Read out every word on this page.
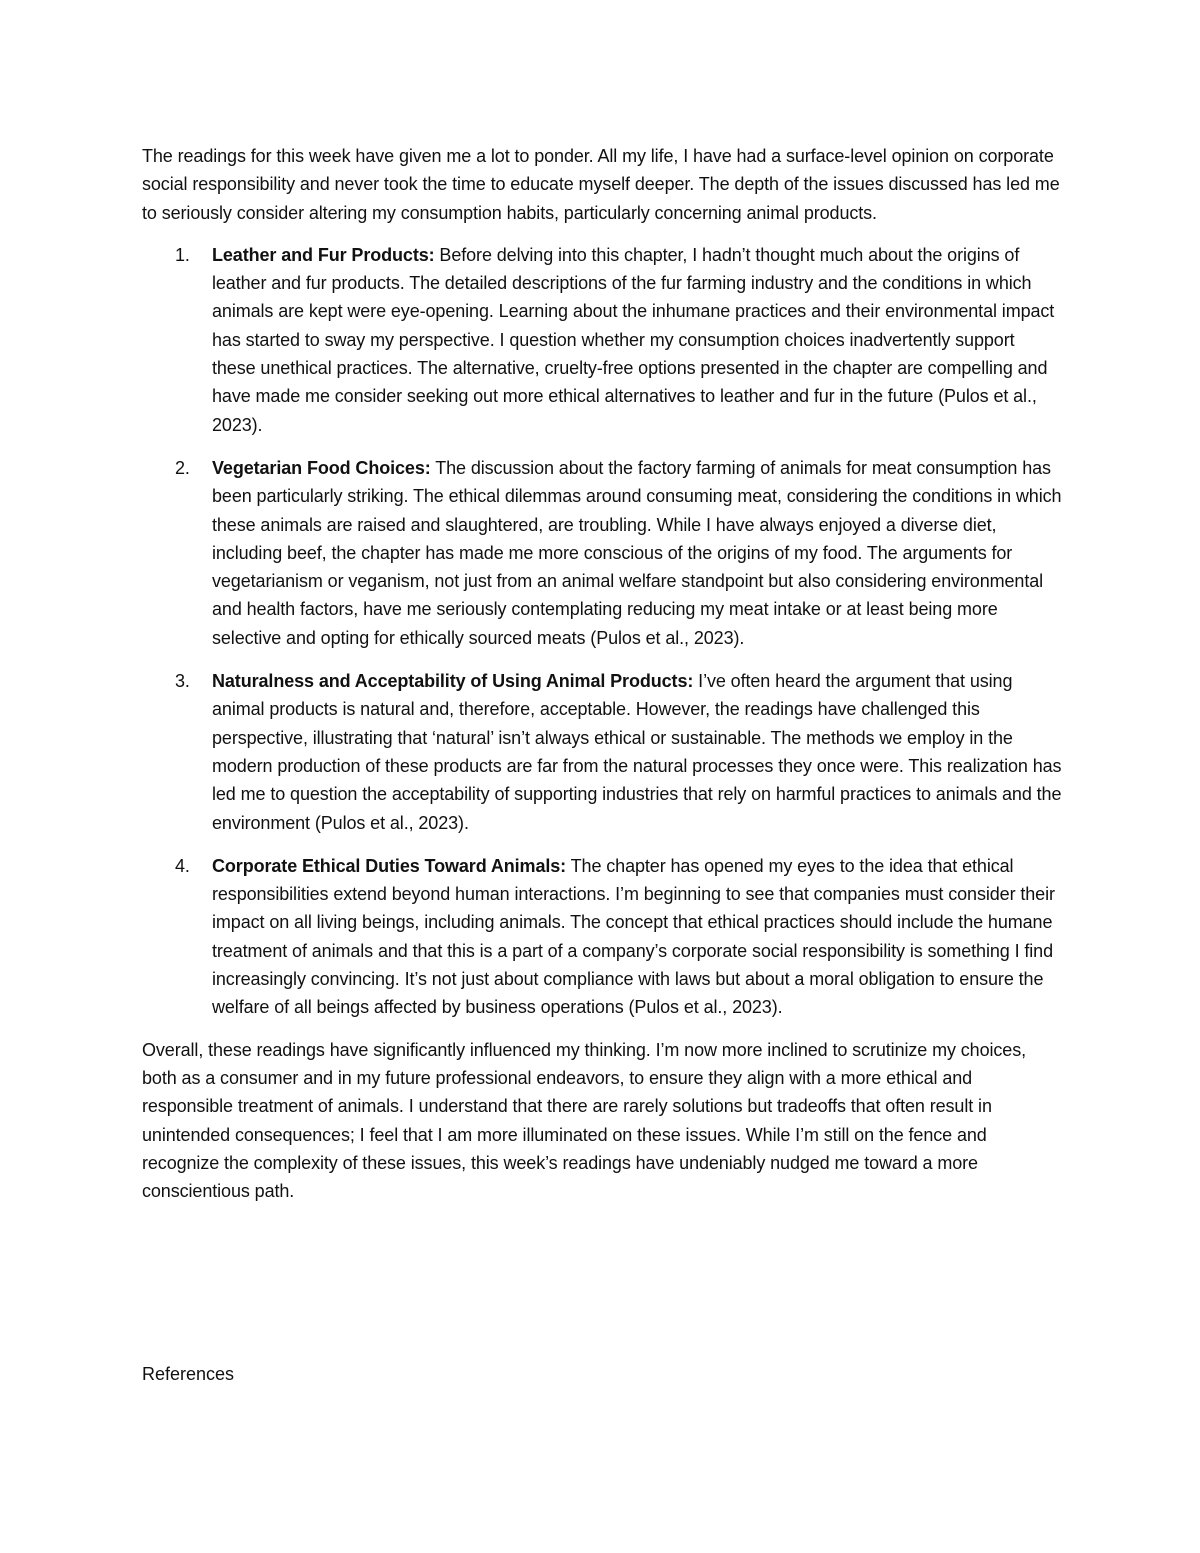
The readings for this week have given me a lot to ponder. All my life, I have had a surface-level opinion on corporate social responsibility and never took the time to educate myself deeper. The depth of the issues discussed has led me to seriously consider altering my consumption habits, particularly concerning animal products.

1. Leather and Fur Products: Before delving into this chapter, I hadn’t thought much about the origins of leather and fur products. The detailed descriptions of the fur farming industry and the conditions in which animals are kept were eye-opening. Learning about the inhumane practices and their environmental impact has started to sway my perspective. I question whether my consumption choices inadvertently support these unethical practices. The alternative, cruelty-free options presented in the chapter are compelling and have made me consider seeking out more ethical alternatives to leather and fur in the future (Pulos et al., 2023).
2. Vegetarian Food Choices: The discussion about the factory farming of animals for meat consumption has been particularly striking. The ethical dilemmas around consuming meat, considering the conditions in which these animals are raised and slaughtered, are troubling. While I have always enjoyed a diverse diet, including beef, the chapter has made me more conscious of the origins of my food. The arguments for vegetarianism or veganism, not just from an animal welfare standpoint but also considering environmental and health factors, have me seriously contemplating reducing my meat intake or at least being more selective and opting for ethically sourced meats (Pulos et al., 2023).
3. Naturalness and Acceptability of Using Animal Products: I’ve often heard the argument that using animal products is natural and, therefore, acceptable. However, the readings have challenged this perspective, illustrating that ‘natural’ isn’t always ethical or sustainable. The methods we employ in the modern production of these products are far from the natural processes they once were. This realization has led me to question the acceptability of supporting industries that rely on harmful practices to animals and the environment (Pulos et al., 2023).
4. Corporate Ethical Duties Toward Animals: The chapter has opened my eyes to the idea that ethical responsibilities extend beyond human interactions. I’m beginning to see that companies must consider their impact on all living beings, including animals. The concept that ethical practices should include the humane treatment of animals and that this is a part of a company’s corporate social responsibility is something I find increasingly convincing. It’s not just about compliance with laws but about a moral obligation to ensure the welfare of all beings affected by business operations (Pulos et al., 2023).

Overall, these readings have significantly influenced my thinking. I’m now more inclined to scrutinize my choices, both as a consumer and in my future professional endeavors, to ensure they align with a more ethical and responsible treatment of animals. I understand that there are rarely solutions but tradeoffs that often result in unintended consequences; I feel that I am more illuminated on these issues. While I’m still on the fence and recognize the complexity of these issues, this week’s readings have undeniably nudged me toward a more conscientious path.

References
